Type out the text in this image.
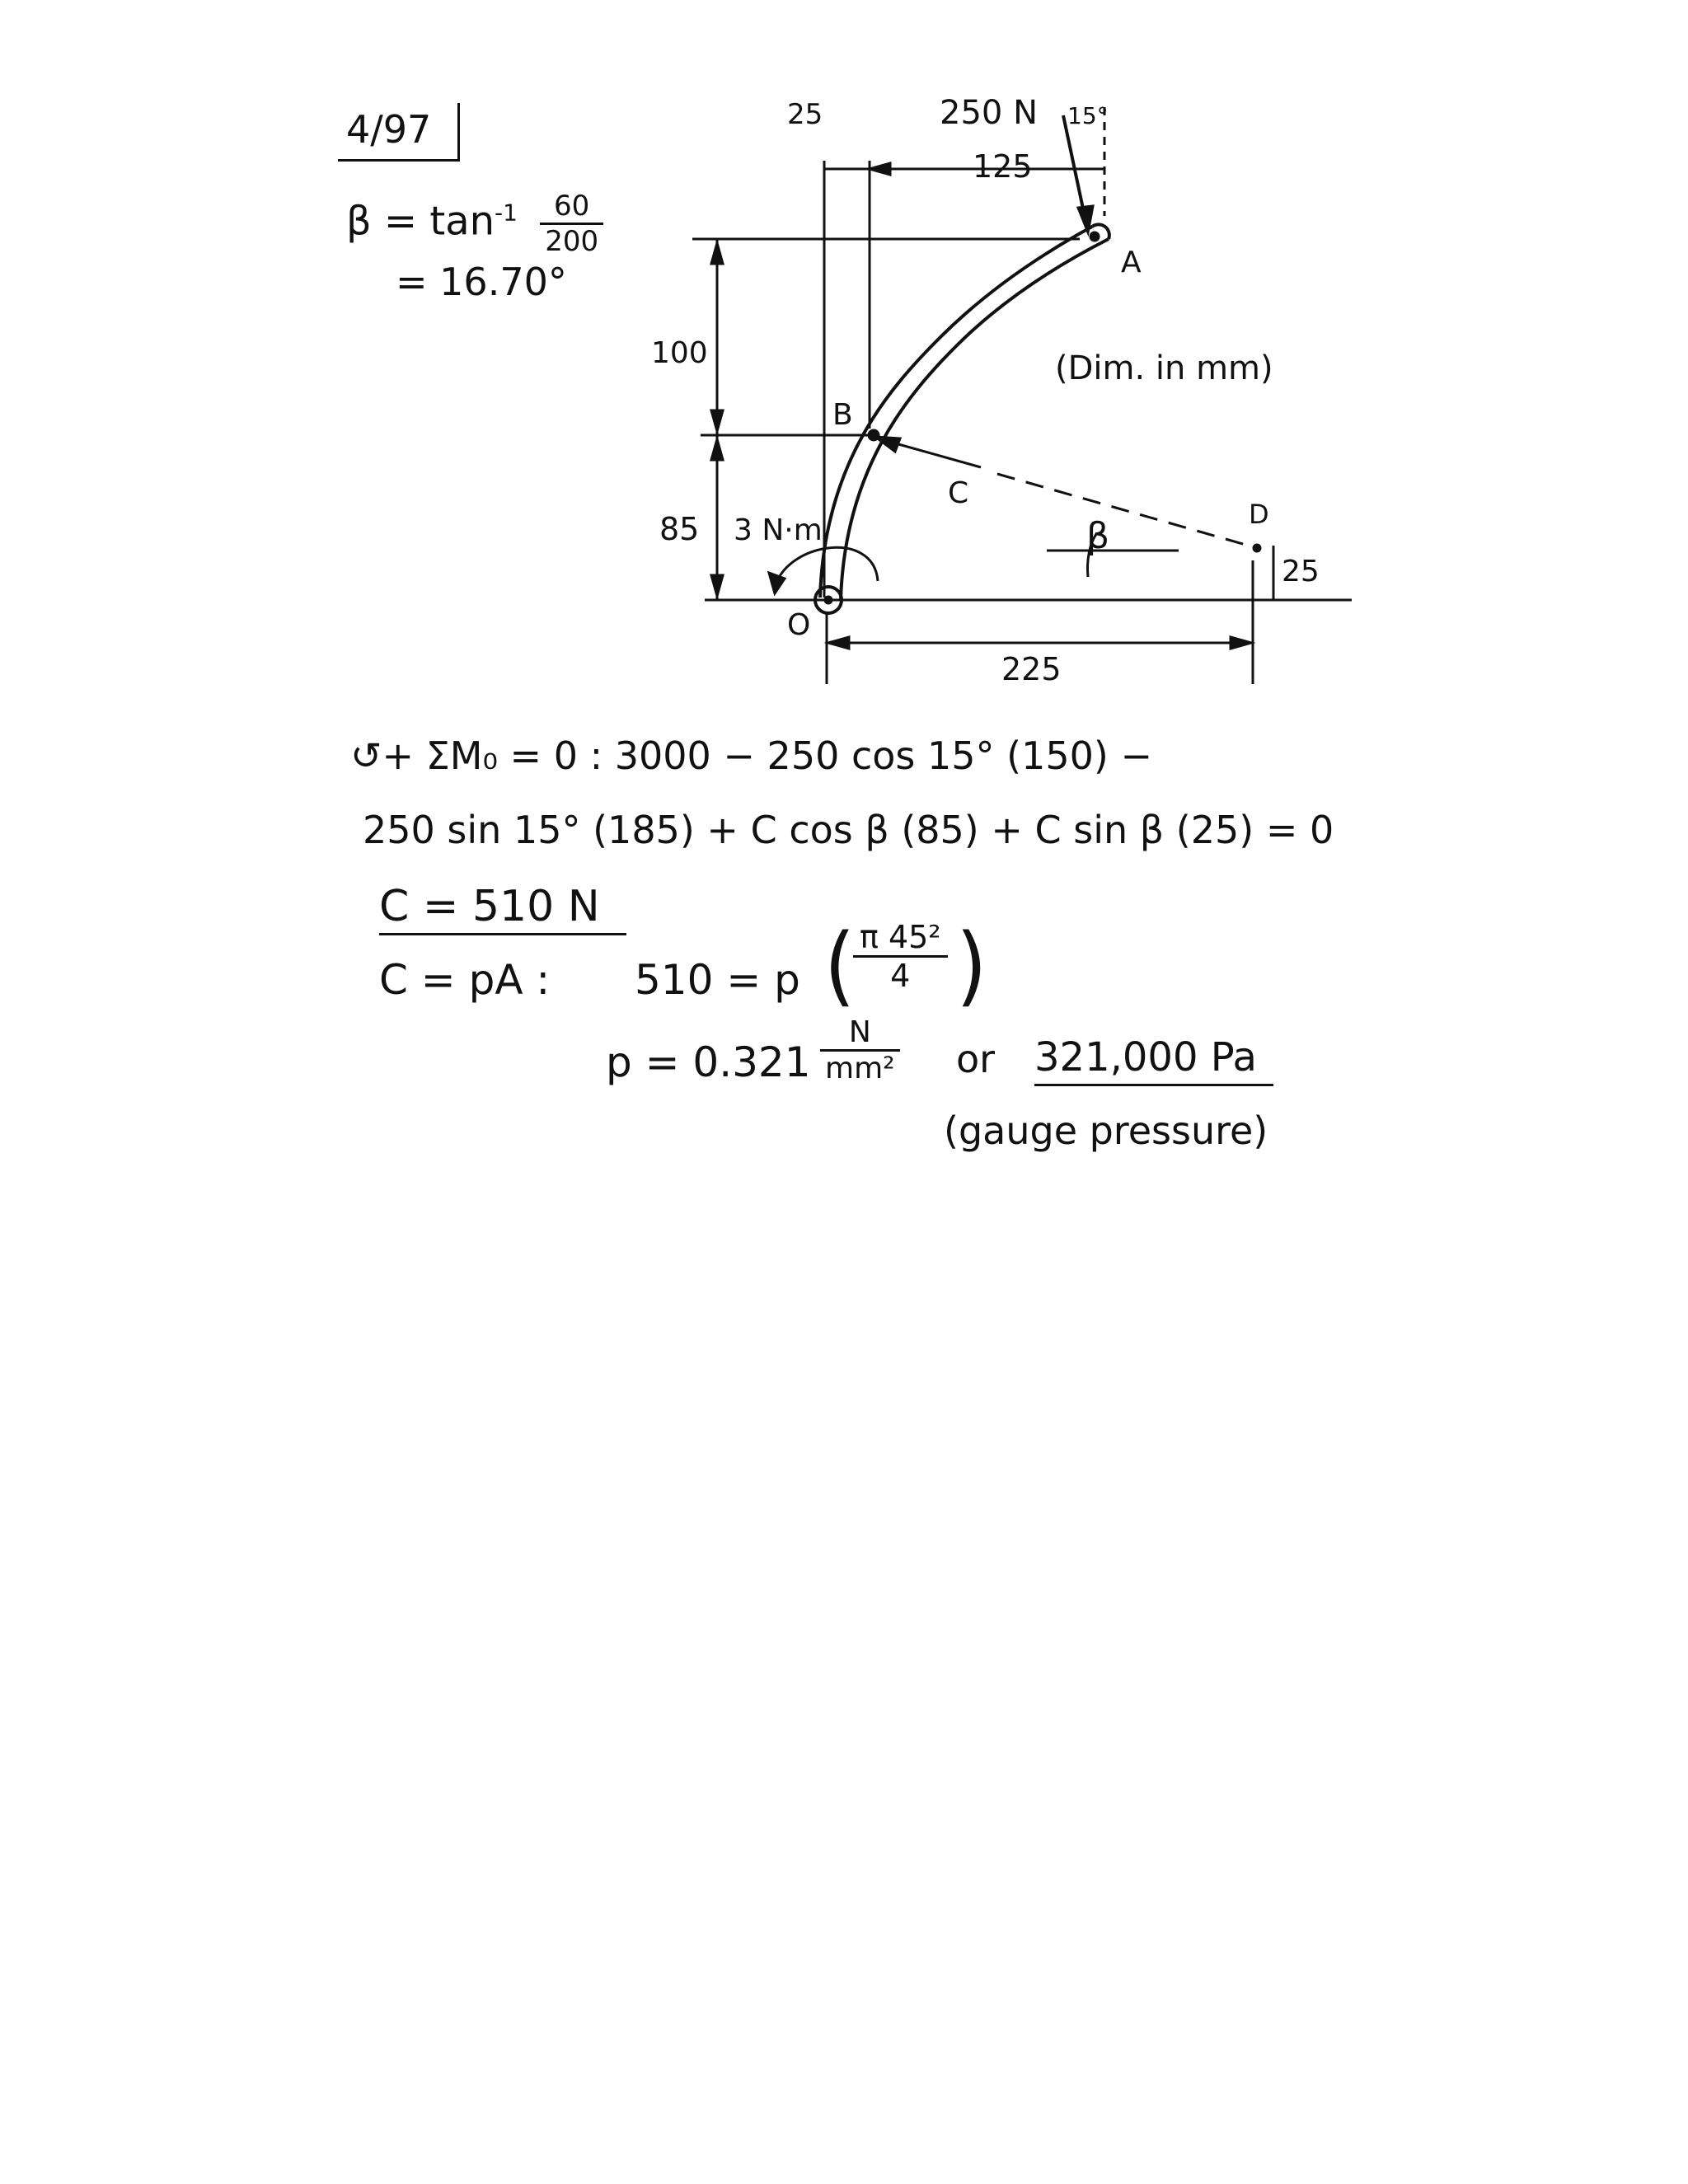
4/97
$\beta = \tan^{-1} \frac{60}{200}$
= 16.70°
25	250 N 15°
125
A
(Dim. in mm)
100
B
C
D
85 3 N·m	β
25
O
225
↺+ ΣM₀ = 0 : 3000 − 250 cos 15° (150) −
250 sin 15° (185) + C cos β (85) + C sin β (25) = 0
C = 510 N
C = pA : 510 = p (
$\frac{\text{π 45²}}{4}$ )
$p = 0.321 \frac{N}{\text{mm²}}$ or 321,000 Pa
(gauge pressure)
